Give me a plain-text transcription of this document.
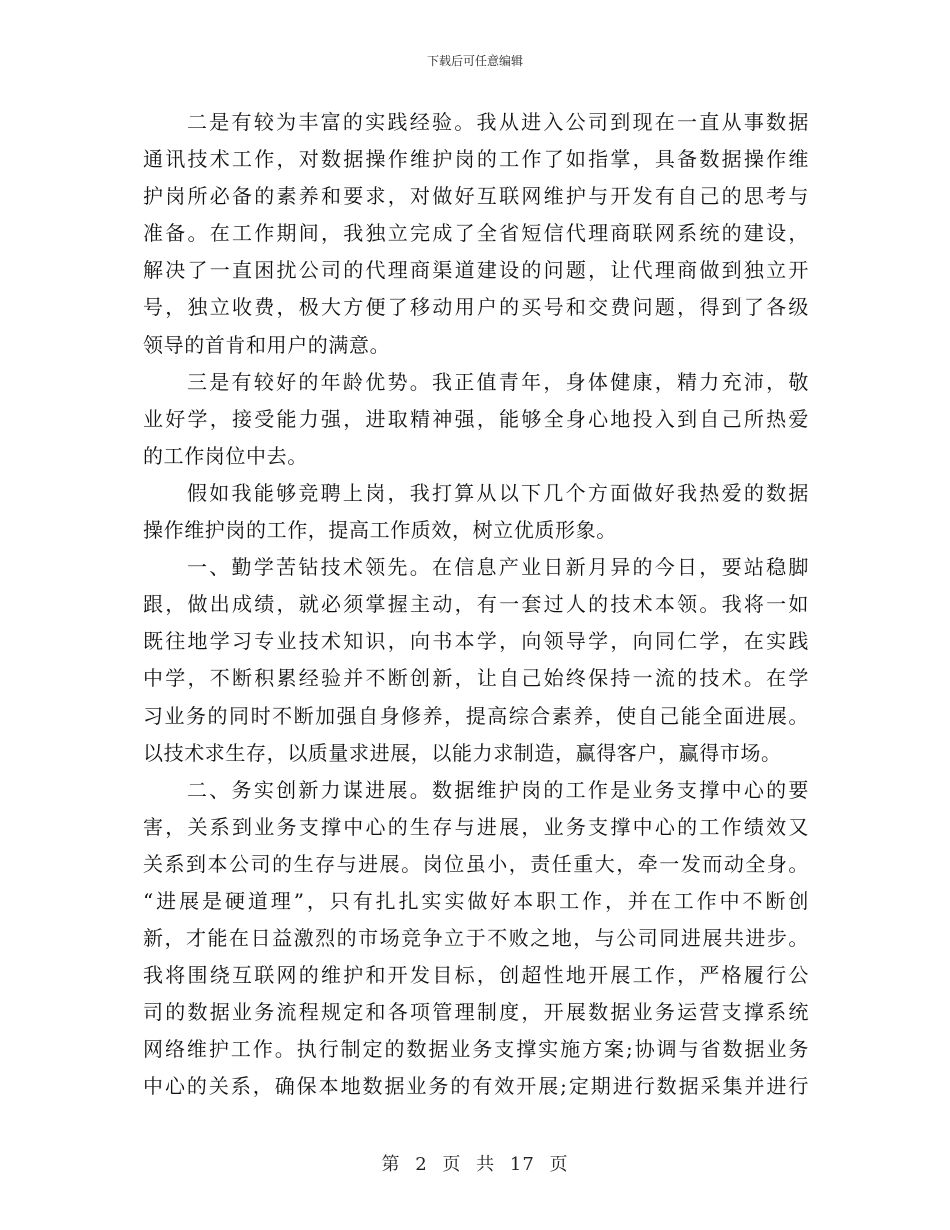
下载后可任意编辑
二是有较为丰富的实践经验。我从进入公司到现在一直从事数据
通讯技术工作，对数据操作维护岗的工作了如指掌，具备数据操作维
护岗所必备的素养和要求，对做好互联网维护与开发有自己的思考与
准备。在工作期间，我独立完成了全省短信代理商联网系统的建设，
解决了一直困扰公司的代理商渠道建设的问题，让代理商做到独立开
号，独立收费，极大方便了移动用户的买号和交费问题，得到了各级
领导的首肯和用户的满意。
三是有较好的年龄优势。我正值青年，身体健康，精力充沛，敬
业好学，接受能力强，进取精神强，能够全身心地投入到自己所热爱
的工作岗位中去。
假如我能够竞聘上岗，我打算从以下几个方面做好我热爱的数据
操作维护岗的工作，提高工作质效，树立优质形象。
一、勤学苦钻技术领先。在信息产业日新月异的今日，要站稳脚
跟，做出成绩，就必须掌握主动，有一套过人的技术本领。我将一如
既往地学习专业技术知识，向书本学，向领导学，向同仁学，在实践
中学，不断积累经验并不断创新，让自己始终保持一流的技术。在学
习业务的同时不断加强自身修养，提高综合素养，使自己能全面进展。
以技术求生存，以质量求进展，以能力求制造，赢得客户，赢得市场。
二、务实创新力谋进展。数据维护岗的工作是业务支撑中心的要
害，关系到业务支撑中心的生存与进展，业务支撑中心的工作绩效又
关系到本公司的生存与进展。岗位虽小，责任重大，牵一发而动全身。
“进展是硬道理”，只有扎扎实实做好本职工作，并在工作中不断创
新，才能在日益激烈的市场竞争立于不败之地，与公司同进展共进步。
我将围绕互联网的维护和开发目标，创超性地开展工作，严格履行公
司的数据业务流程规定和各项管理制度，开展数据业务运营支撑系统
网络维护工作。执行制定的数据业务支撑实施方案;协调与省数据业务
中心的关系，确保本地数据业务的有效开展;定期进行数据采集并进行
第 2 页 共 17 页
